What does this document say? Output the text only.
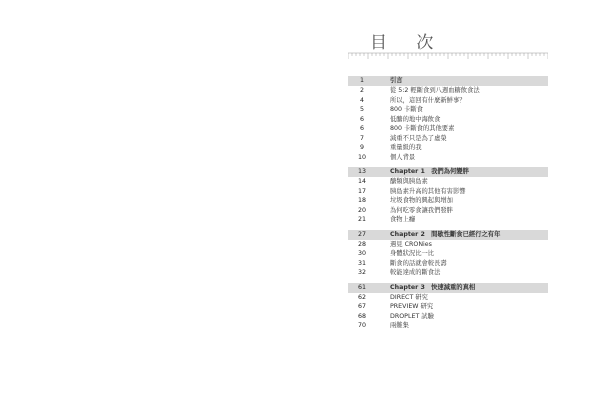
目 次
1	引言
2	從 5:2 輕斷食到八週血糖飲食法
4	所以，這回有什麼新鮮事？
5	800 卡斷食
6	低醣的地中海飲食
6	800 卡斷食的其他要素
7	減重不只是為了虛榮
9	重量級的我
10	個人背景
13	Chapter 1　我們為何變胖
14	醣類與胰島素
17	胰島素升高的其他有害影響
18	垃圾食物的興起與增加
20	為何吃零食讓我們發胖
21	食物上癮
27	Chapter 2　間歇性斷食已經行之有年
28	遇見 CRONies
30	身體狀況比一比
31	斷食的話就會較長壽
32	較能達成的斷食法
61	Chapter 3　快速減重的真相
62	DIRECT 研究
67	PREVIEW 研究
68	DROPLET 試驗
70	兩難集
